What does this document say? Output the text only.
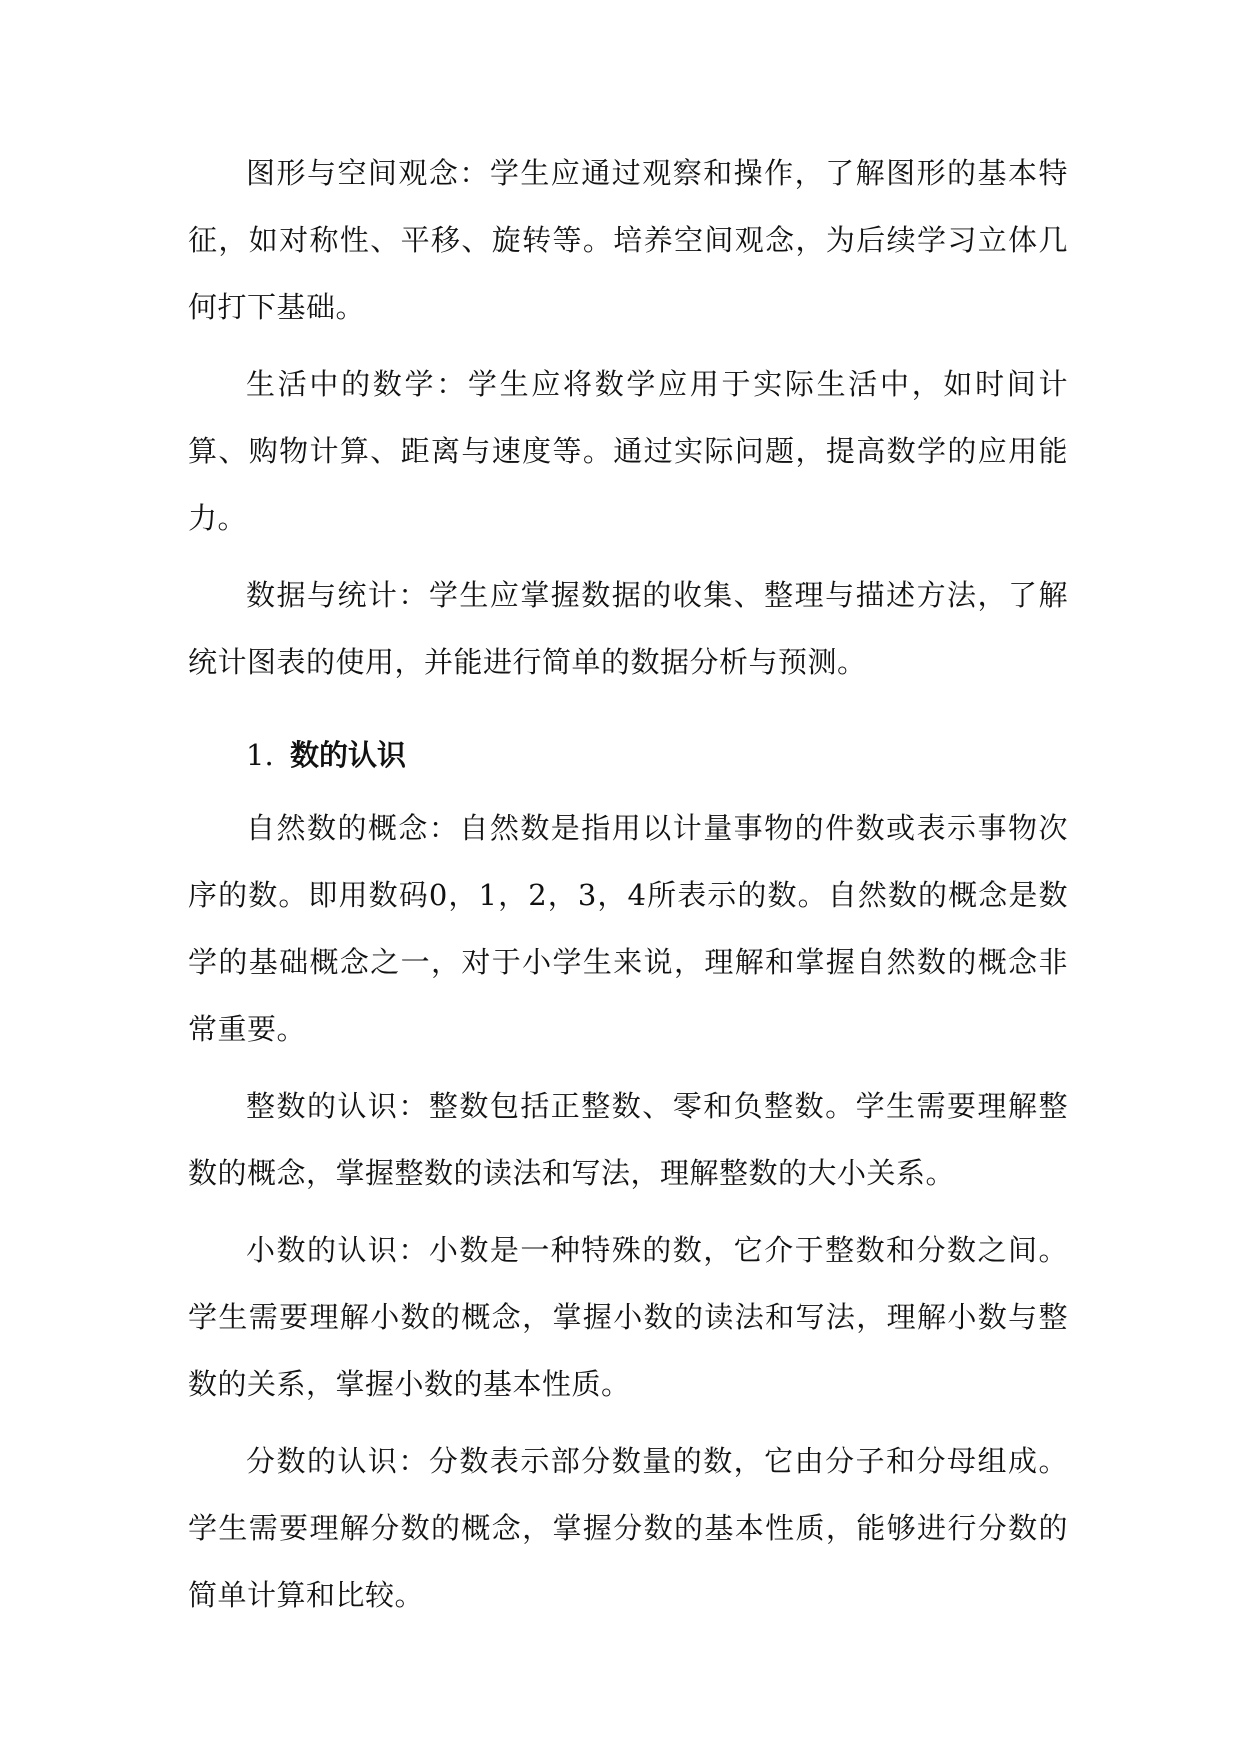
图形与空间观念：学生应通过观察和操作，了解图形的基本特征，如对称性、平移、旋转等。培养空间观念，为后续学习立体几何打下基础。

生活中的数学：学生应将数学应用于实际生活中，如时间计算、购物计算、距离与速度等。通过实际问题，提高数学的应用能力。

数据与统计：学生应掌握数据的收集、整理与描述方法，了解统计图表的使用，并能进行简单的数据分析与预测。

1. 数的认识

自然数的概念：自然数是指用以计量事物的件数或表示事物次序的数。即用数码0，1，2，3，4所表示的数。自然数的概念是数学的基础概念之一，对于小学生来说，理解和掌握自然数的概念非常重要。

整数的认识：整数包括正整数、零和负整数。学生需要理解整数的概念，掌握整数的读法和写法，理解整数的大小关系。

小数的认识：小数是一种特殊的数，它介于整数和分数之间。学生需要理解小数的概念，掌握小数的读法和写法，理解小数与整数的关系，掌握小数的基本性质。

分数的认识：分数表示部分数量的数，它由分子和分母组成。学生需要理解分数的概念，掌握分数的基本性质，能够进行分数的简单计算和比较。
